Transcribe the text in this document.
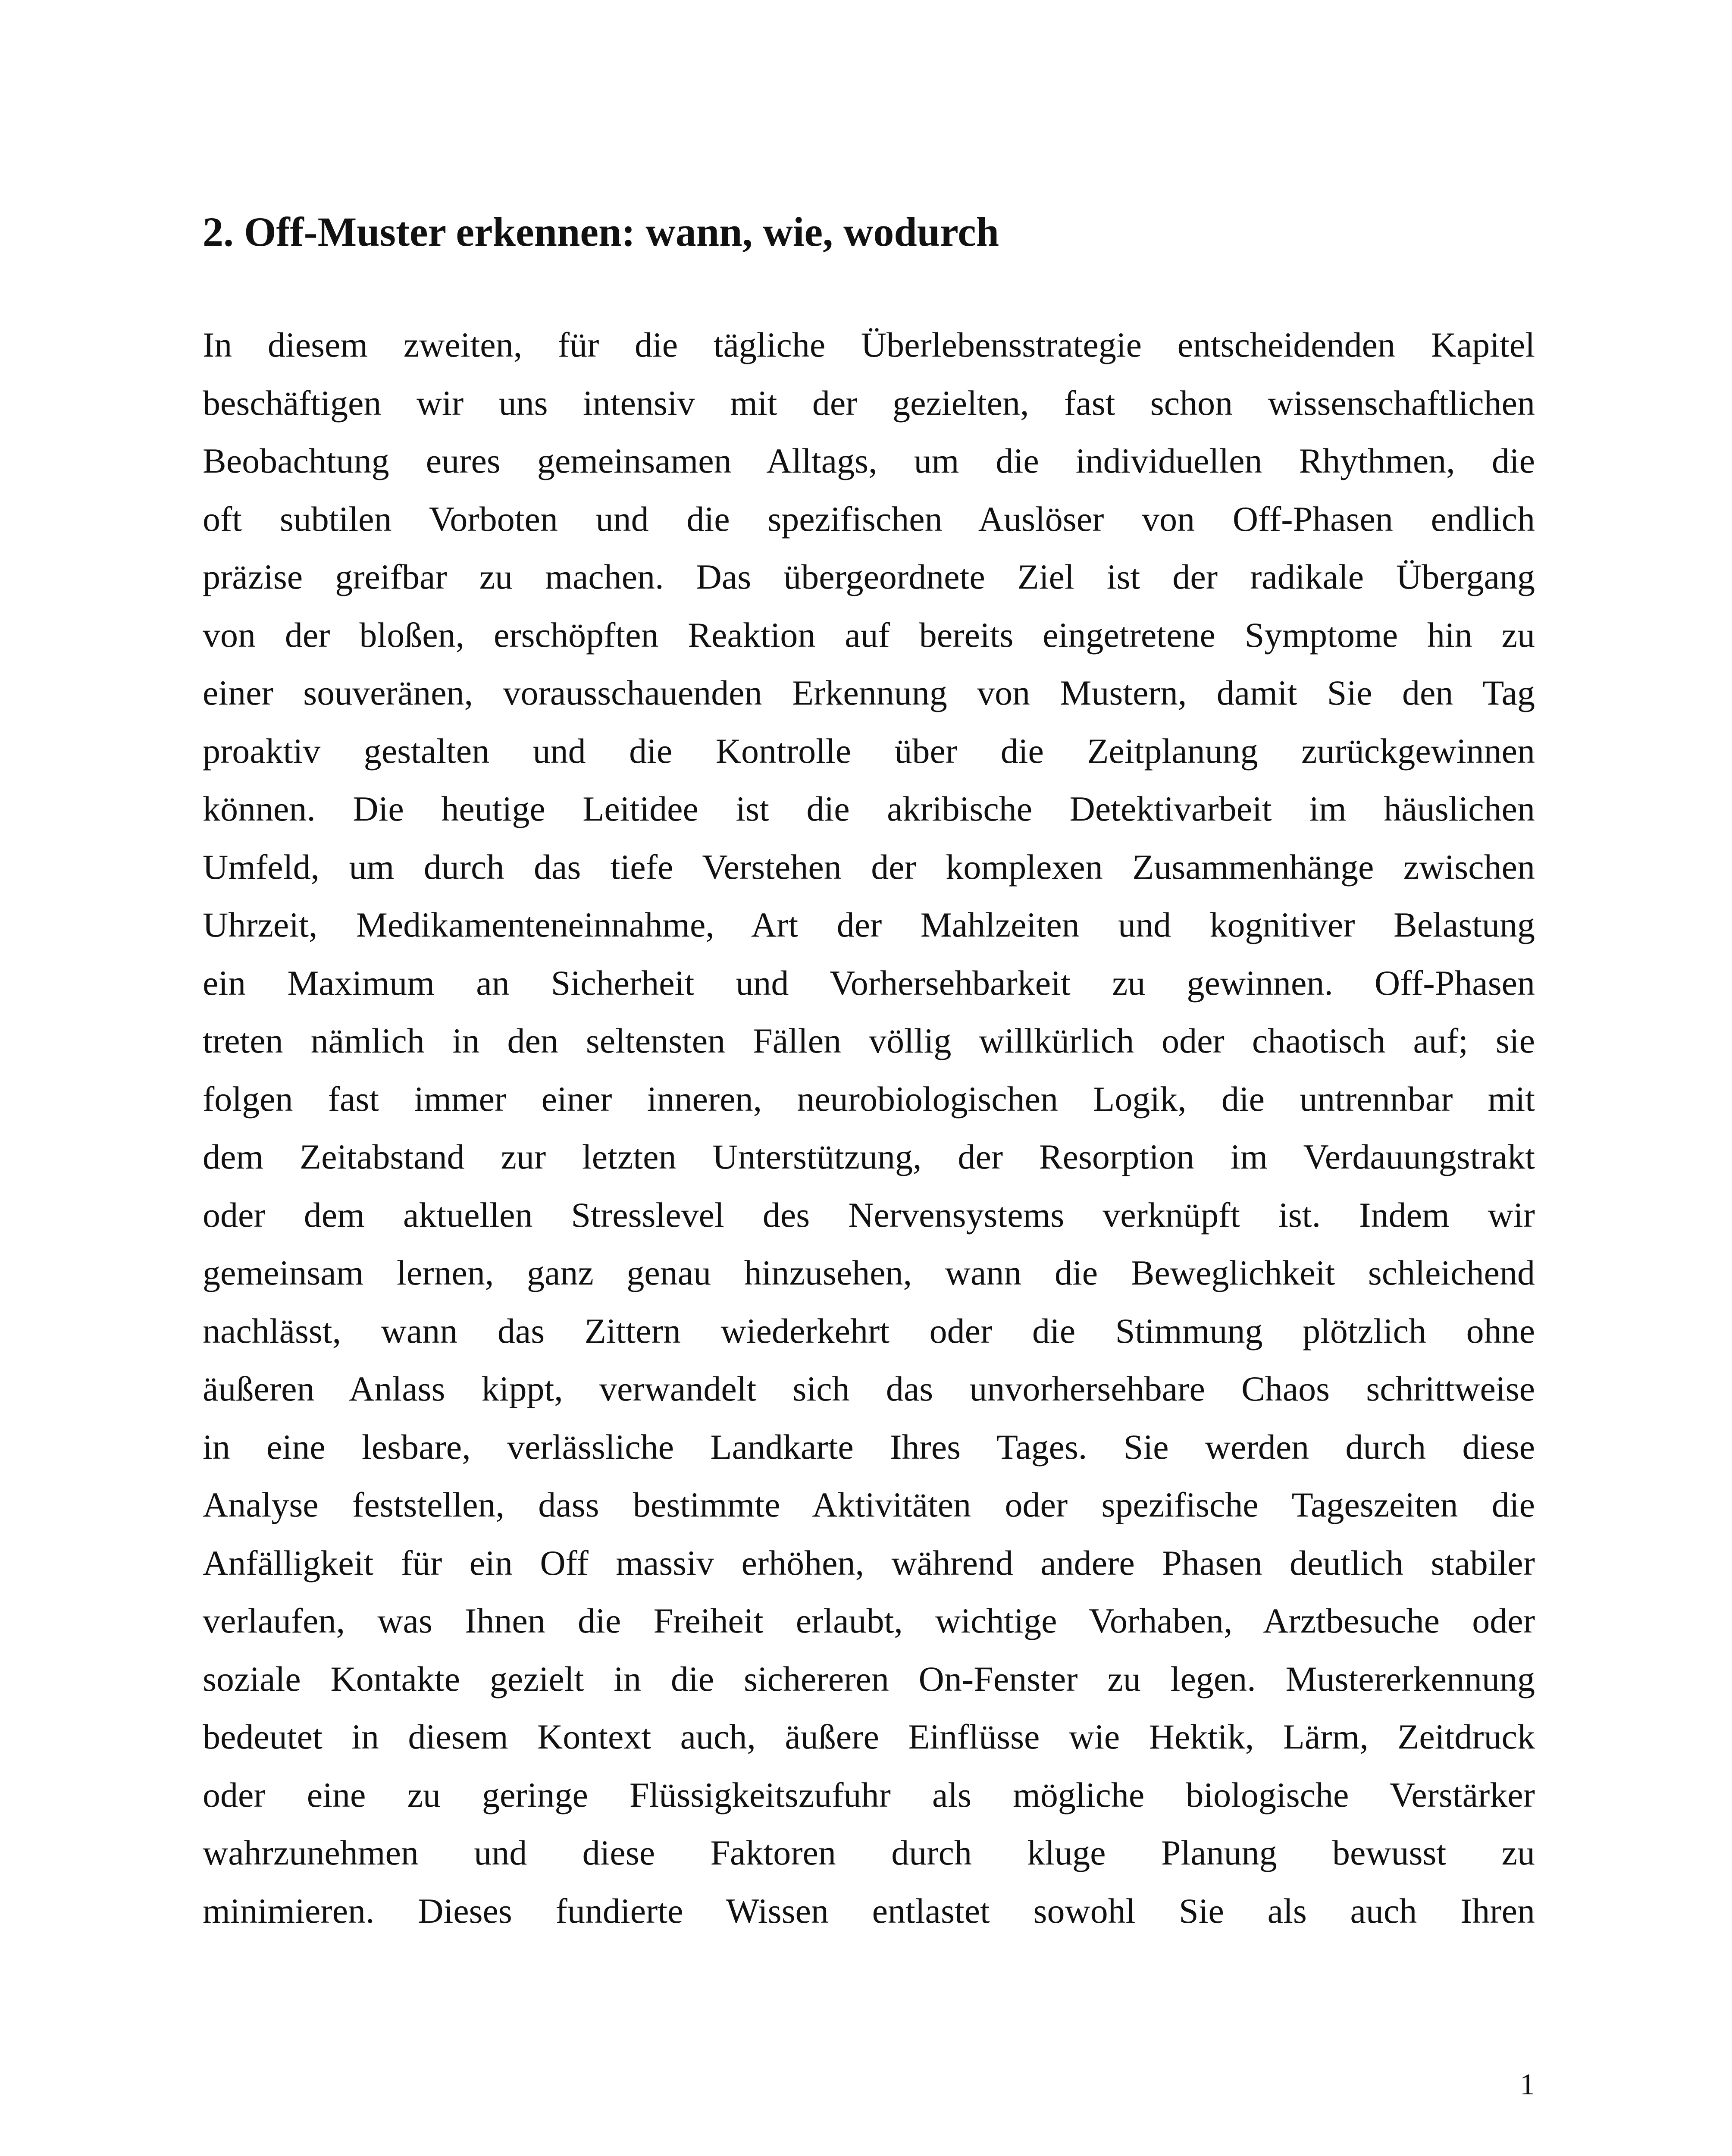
2. Off-Muster erkennen: wann, wie, wodurch
In diesem zweiten, für die tägliche Überlebensstrategie entscheidenden Kapitel
beschäftigen wir uns intensiv mit der gezielten, fast schon wissenschaftlichen
Beobachtung eures gemeinsamen Alltags, um die individuellen Rhythmen, die
oft subtilen Vorboten und die spezifischen Auslöser von Off-Phasen endlich
präzise greifbar zu machen. Das übergeordnete Ziel ist der radikale Übergang
von der bloßen, erschöpften Reaktion auf bereits eingetretene Symptome hin zu
einer souveränen, vorausschauenden Erkennung von Mustern, damit Sie den Tag
proaktiv gestalten und die Kontrolle über die Zeitplanung zurückgewinnen
können. Die heutige Leitidee ist die akribische Detektivarbeit im häuslichen
Umfeld, um durch das tiefe Verstehen der komplexen Zusammenhänge zwischen
Uhrzeit, Medikamenteneinnahme, Art der Mahlzeiten und kognitiver Belastung
ein Maximum an Sicherheit und Vorhersehbarkeit zu gewinnen. Off-Phasen
treten nämlich in den seltensten Fällen völlig willkürlich oder chaotisch auf; sie
folgen fast immer einer inneren, neurobiologischen Logik, die untrennbar mit
dem Zeitabstand zur letzten Unterstützung, der Resorption im Verdauungstrakt
oder dem aktuellen Stresslevel des Nervensystems verknüpft ist. Indem wir
gemeinsam lernen, ganz genau hinzusehen, wann die Beweglichkeit schleichend
nachlässt, wann das Zittern wiederkehrt oder die Stimmung plötzlich ohne
äußeren Anlass kippt, verwandelt sich das unvorhersehbare Chaos schrittweise
in eine lesbare, verlässliche Landkarte Ihres Tages. Sie werden durch diese
Analyse feststellen, dass bestimmte Aktivitäten oder spezifische Tageszeiten die
Anfälligkeit für ein Off massiv erhöhen, während andere Phasen deutlich stabiler
verlaufen, was Ihnen die Freiheit erlaubt, wichtige Vorhaben, Arztbesuche oder
soziale Kontakte gezielt in die sichereren On-Fenster zu legen. Mustererkennung
bedeutet in diesem Kontext auch, äußere Einflüsse wie Hektik, Lärm, Zeitdruck
oder eine zu geringe Flüssigkeitszufuhr als mögliche biologische Verstärker
wahrzunehmen und diese Faktoren durch kluge Planung bewusst zu
minimieren. Dieses fundierte Wissen entlastet sowohl Sie als auch Ihren
1
